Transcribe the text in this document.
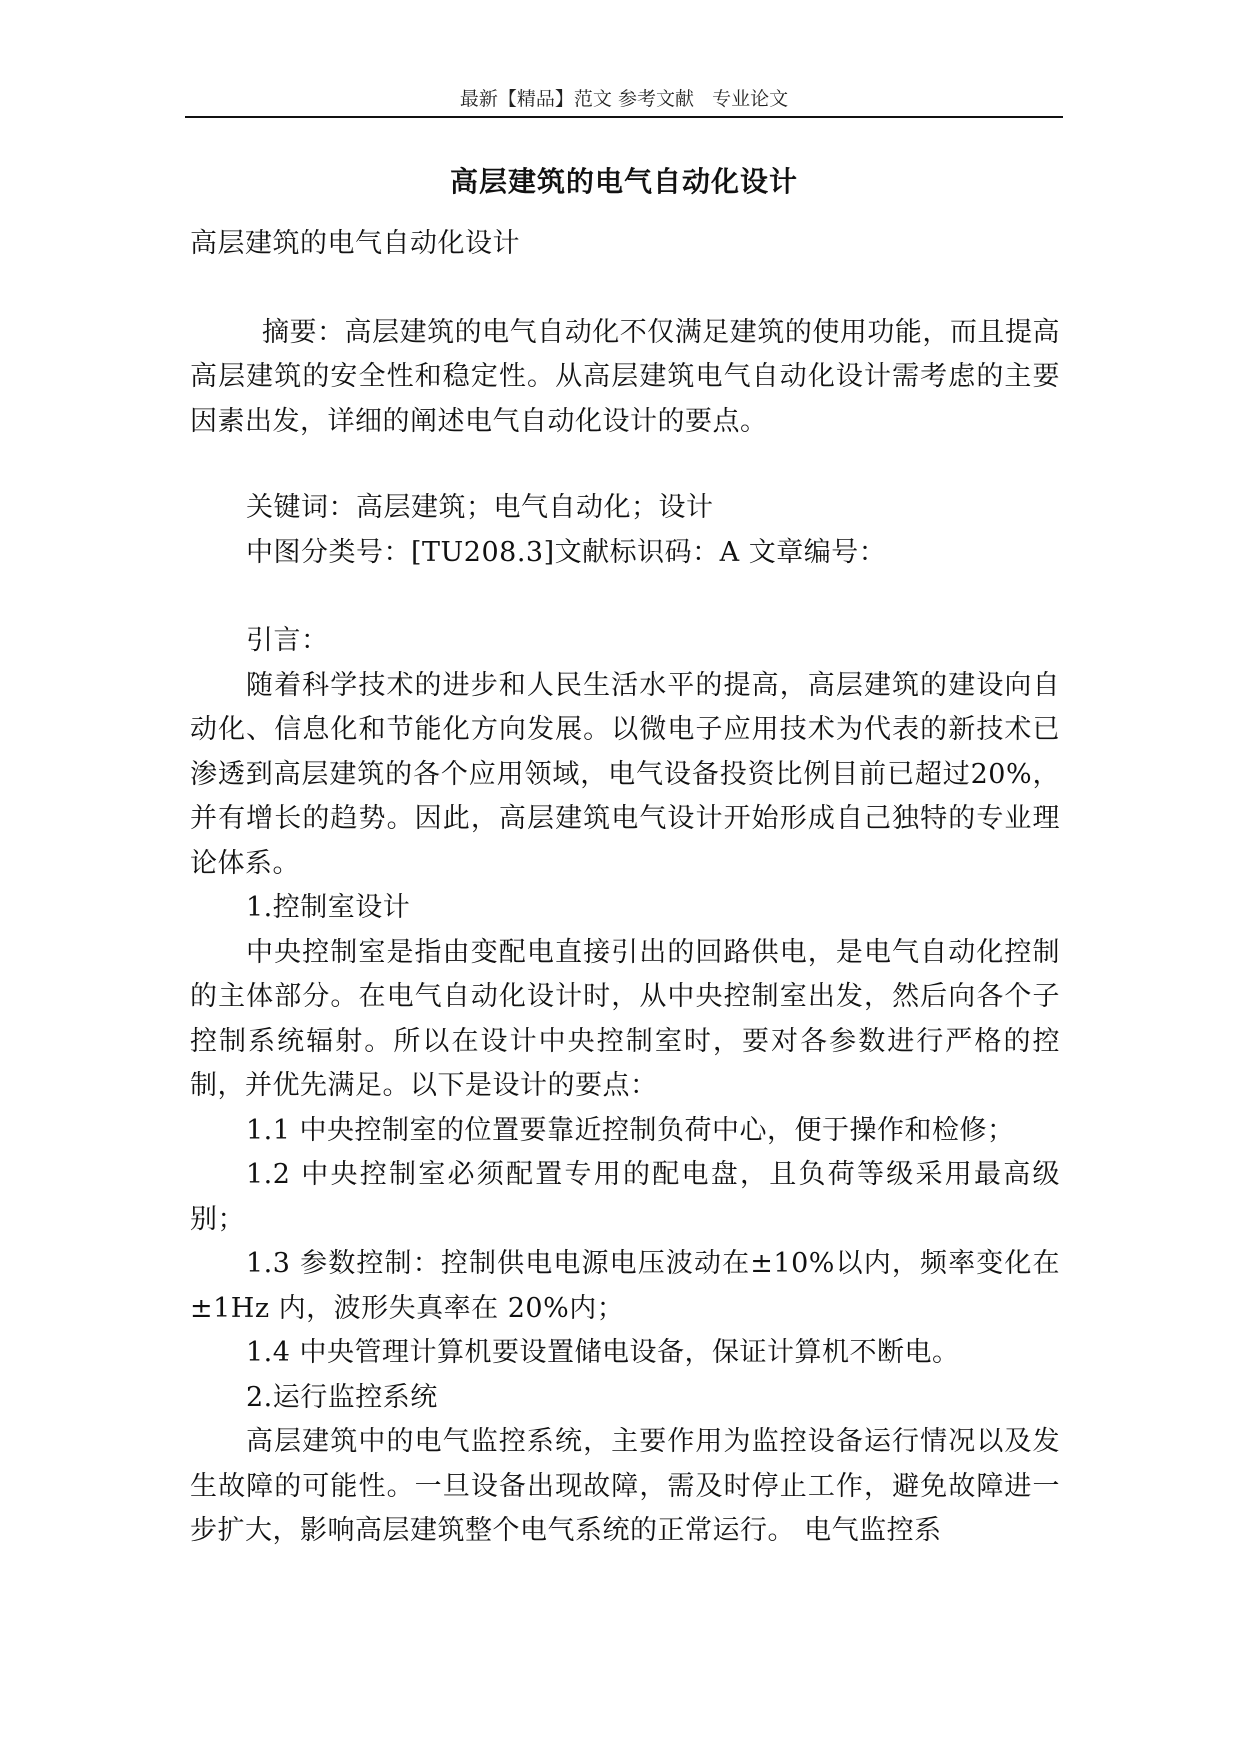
最新【精品】范文 参考文献   专业论文
高层建筑的电气自动化设计

高层建筑的电气自动化设计

摘要：高层建筑的电气自动化不仅满足建筑的使用功能，而且提高高层建筑的安全性和稳定性。从高层建筑电气自动化设计需考虑的主要因素出发，详细的阐述电气自动化设计的要点。

关键词：高层建筑；电气自动化；设计

中图分类号：[TU208.3]文献标识码：A 文章编号：

引言：

随着科学技术的进步和人民生活水平的提高，高层建筑的建设向自动化、信息化和节能化方向发展。以微电子应用技术为代表的新技术已渗透到高层建筑的各个应用领域，电气设备投资比例目前已超过20%，并有增长的趋势。因此，高层建筑电气设计开始形成自己独特的专业理论体系。

1.控制室设计

中央控制室是指由变配电直接引出的回路供电，是电气自动化控制的主体部分。在电气自动化设计时，从中央控制室出发，然后向各个子控制系统辐射。所以在设计中央控制室时，要对各参数进行严格的控制，并优先满足。以下是设计的要点：

1.1 中央控制室的位置要靠近控制负荷中心，便于操作和检修；

1.2 中央控制室必须配置专用的配电盘，且负荷等级采用最高级别；

1.3 参数控制：控制供电电源电压波动在±10%以内，频率变化在±1Hz 内，波形失真率在 20%内；

1.4 中央管理计算机要设置储电设备，保证计算机不断电。

2.运行监控系统

高层建筑中的电气监控系统，主要作用为监控设备运行情况以及发生故障的可能性。一旦设备出现故障，需及时停止工作，避免故障进一步扩大，影响高层建筑整个电气系统的正常运行。 电气监控系
